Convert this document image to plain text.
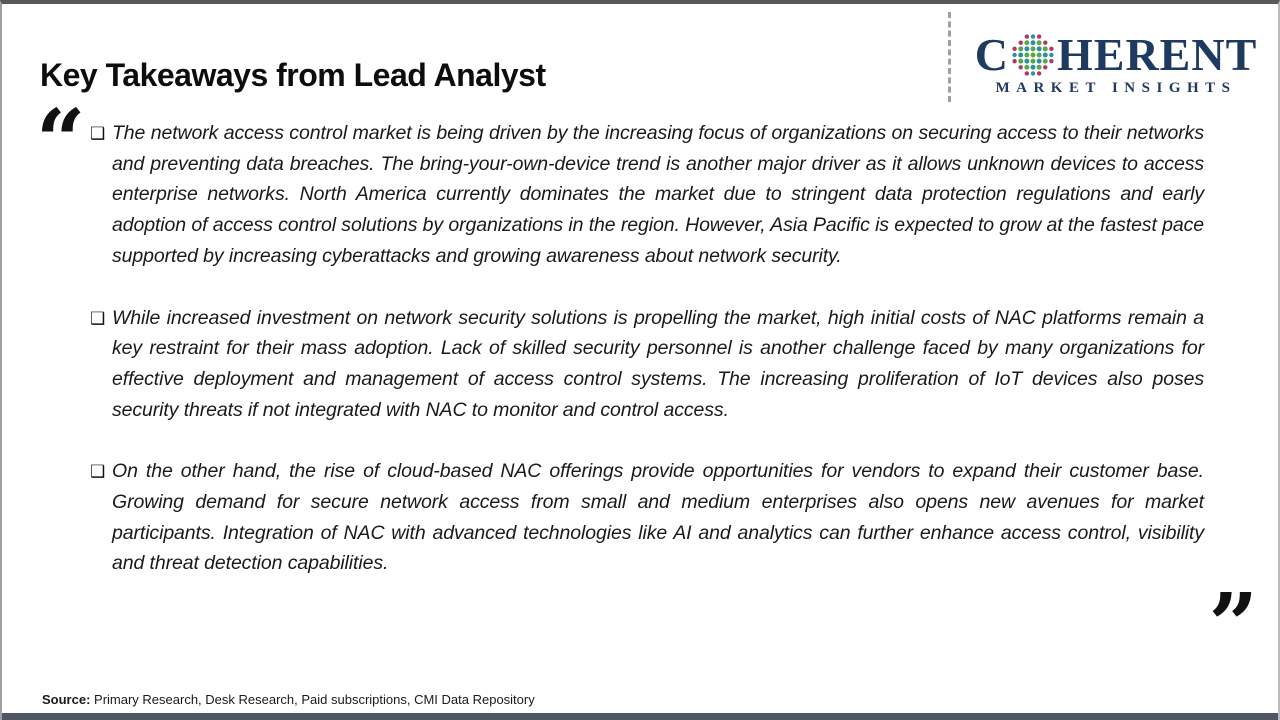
Key Takeaways from Lead Analyst	C HERENT
MARKET INSIGHTS
“ ❑ The network access control market is being driven by the increasing focus of organizations on securing access to their networks and preventing data breaches. The bring-your-own-device trend is another major driver as it allows unknown devices to access enterprise networks. North America currently dominates the market due to stringent data protection regulations and early adoption of access control solutions by organizations in the region. However, Asia Pacific is expected to grow at the fastest pace supported by increasing cyberattacks and growing awareness about network security.

❑ While increased investment on network security solutions is propelling the market, high initial costs of NAC platforms remain a key restraint for their mass adoption. Lack of skilled security personnel is another challenge faced by many organizations for effective deployment and management of access control systems. The increasing proliferation of IoT devices also poses security threats if not integrated with NAC to monitor and control access.

❑ On the other hand, the rise of cloud-based NAC offerings provide opportunities for vendors to expand their customer base. Growing demand for secure network access from small and medium enterprises also opens new avenues for market participants. Integration of NAC with advanced technologies like AI and analytics can further enhance access control, visibility and threat detection capabilities.

”
Source: Primary Research, Desk Research, Paid subscriptions, CMI Data Repository
